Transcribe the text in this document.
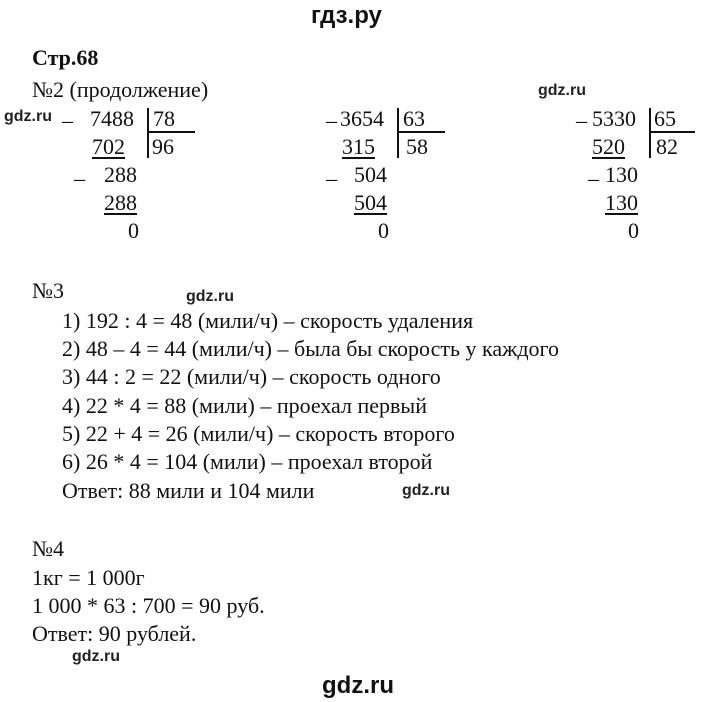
гдз.ру
Стр.68
№2 (продолжение)	gdz.ru
gdz.ru
gdz.ru
gdz.ru
gdz.ru
_ 7488 78
702 96
_ 288
288
0
_ 3654 63
315 58
_ 504
504
0
_ 5330 65
520 82
_ 130
130
0
№3
1) 192 : 4 = 48 (мили/ч) – скорость удаления
2) 48 – 4 = 44 (мили/ч) – была бы скорость у каждого
3) 44 : 2 = 22 (мили/ч) – скорость одного
4) 22 * 4 = 88 (мили) – проехал первый
5) 22 + 4 = 26 (мили/ч) – скорость второго
6) 26 * 4 = 104 (мили) – проехал второй
Ответ: 88 мили и 104 мили
№4
1кг = 1 000г
1 000 * 63 : 700 = 90 руб.
Ответ: 90 рублей.
gdz.ru
